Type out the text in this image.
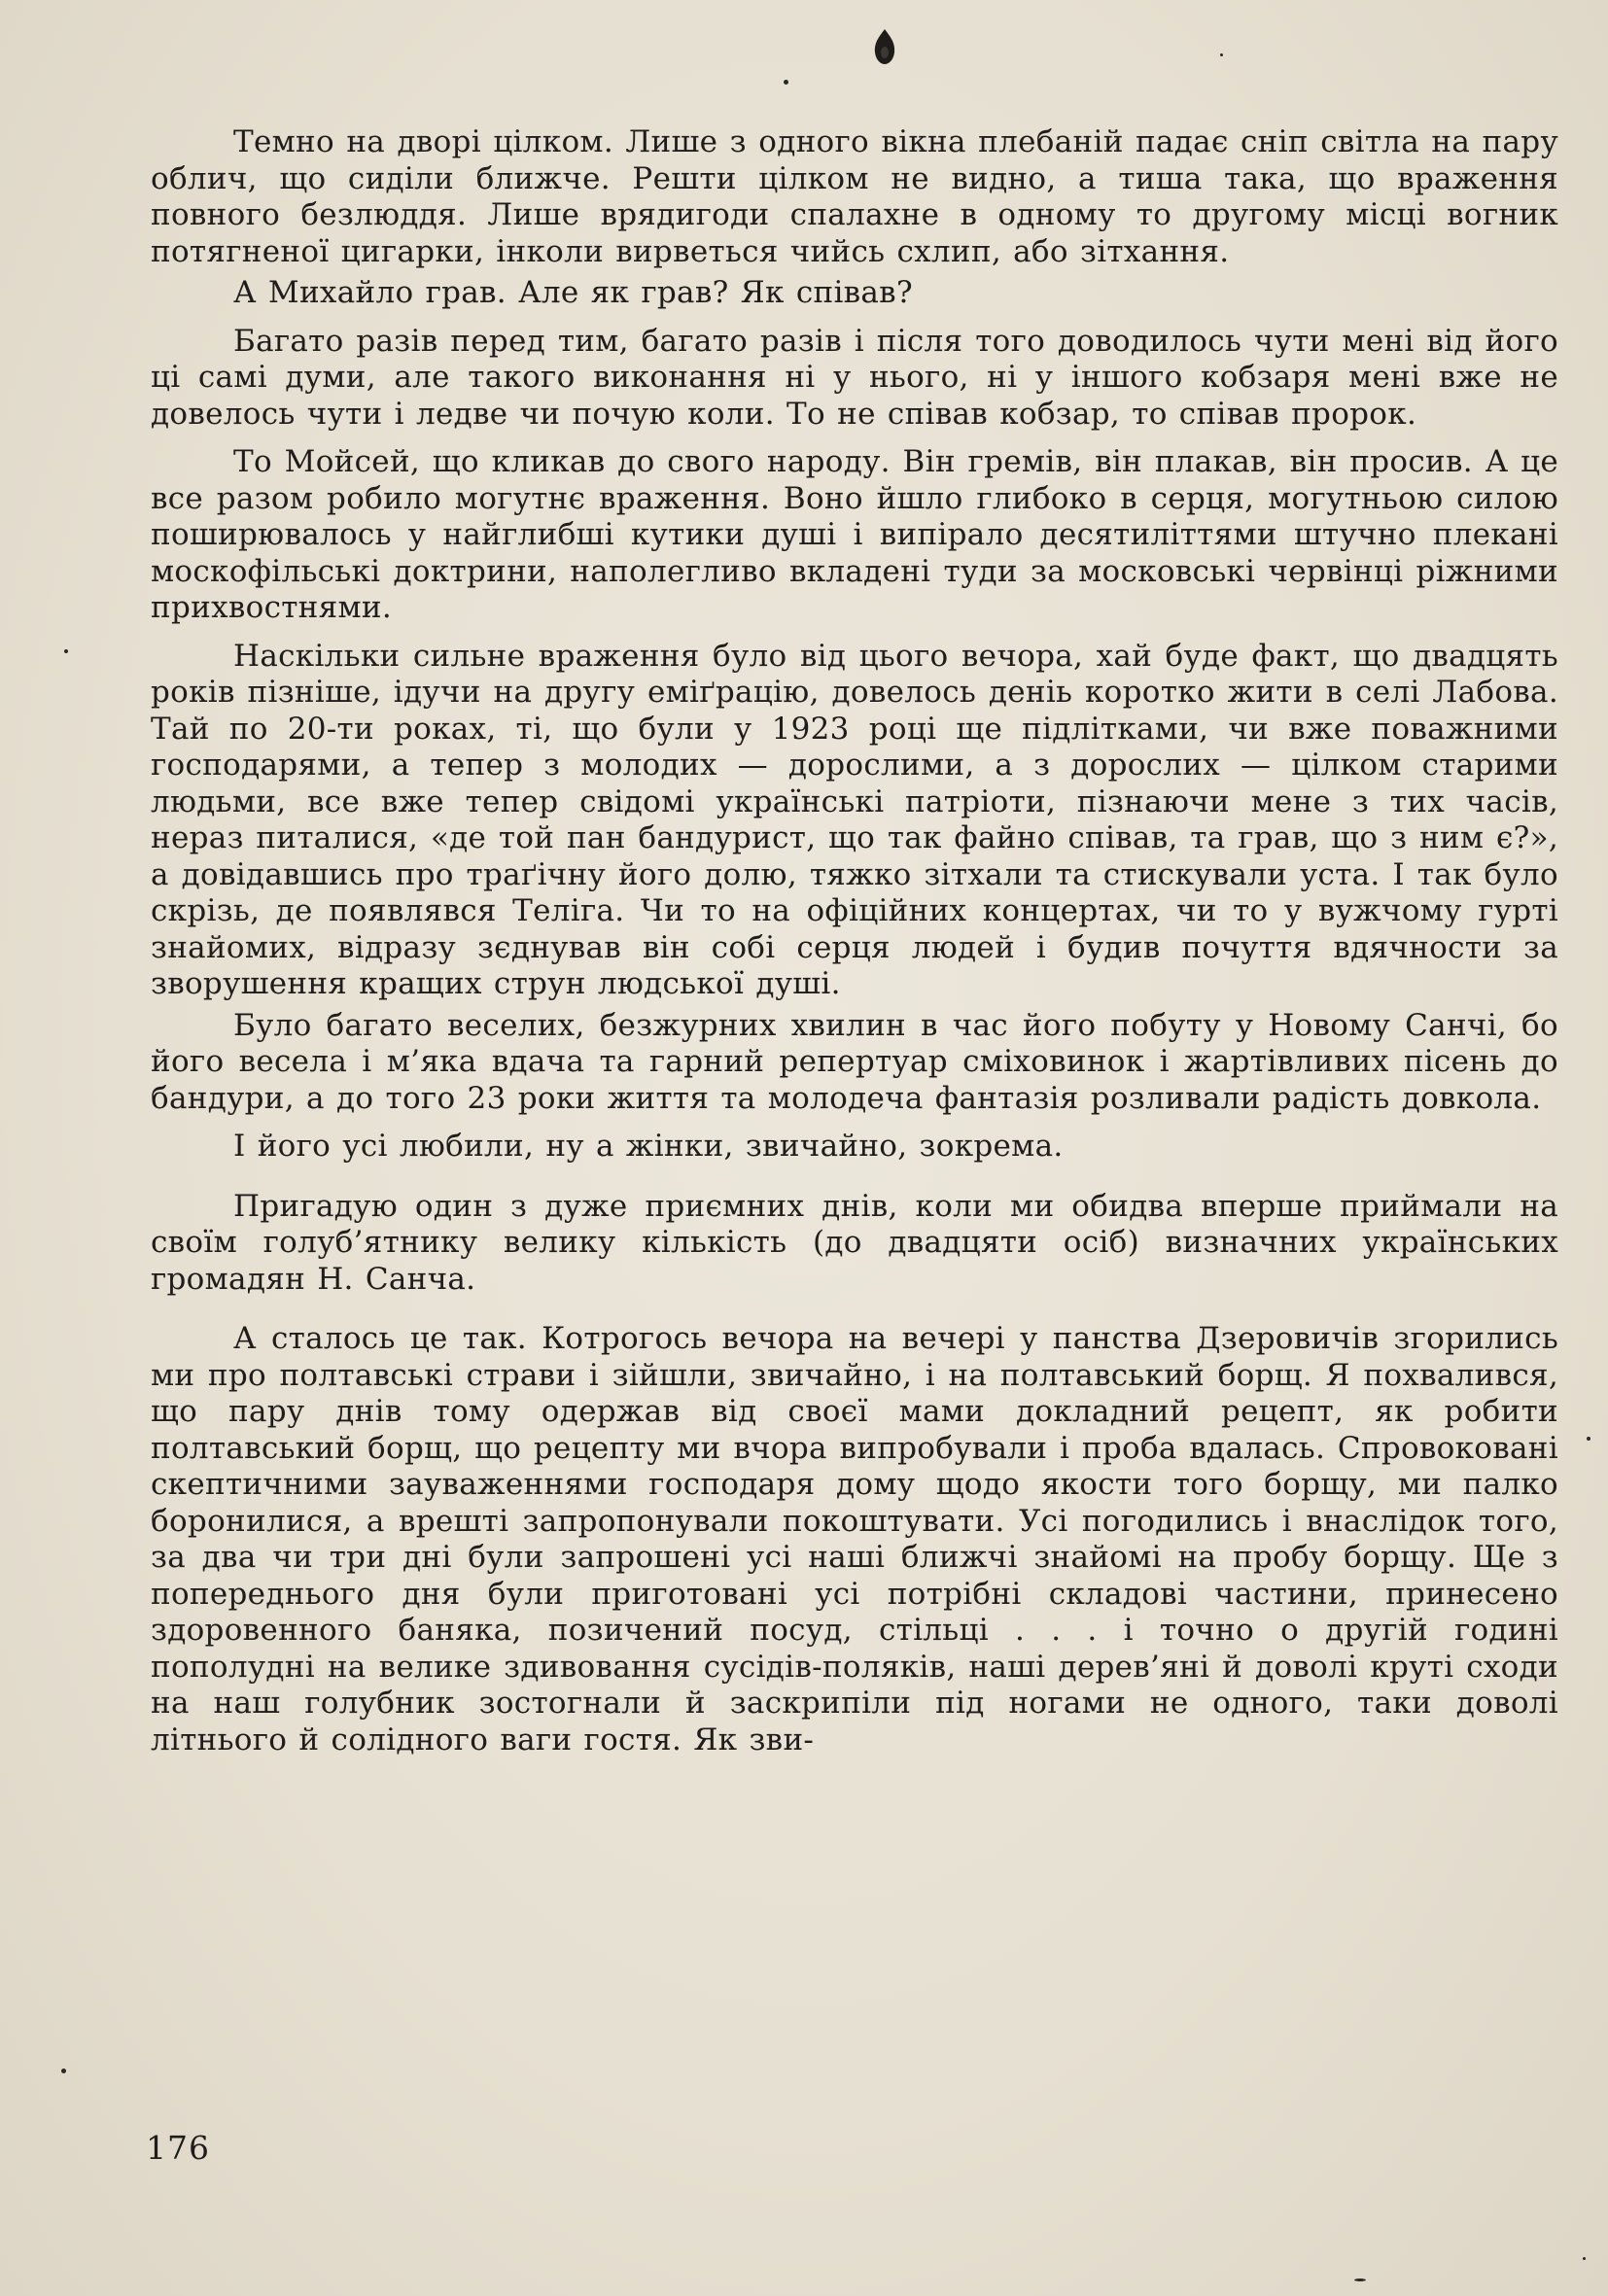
Темно на дворі цілком. Лише з одного вікна плебаній падає сніп світла на пару облич, що сиділи ближче. Решти цілком не видно, а тиша така, що враження повного безлюддя. Лише врядигоди спалахне в одному то другому місці вогник потягненої цигарки, інколи вирветься чийсь схлип, або зітхання.

А Михайло грав. Але як грав? Як співав?

Багато разів перед тим, багато разів і після того доводилось чути мені від його ці самі думи, але такого виконання ні у нього, ні у іншого кобзаря мені вже не довелось чути і ледве чи почую коли. То не співав кобзар, то співав пророк.

То Мойсей, що кликав до свого народу. Він гремів, він плакав, він просив. А це все разом робило могутнє враження. Воно йшло глибоко в серця, могутньою силою поширювалось у найглибші кутики душі і випірало десятиліттями штучно плекані москофільські доктрини, наполегливо вкладені туди за московські червінці ріжними прихвостнями.

Наскільки сильне враження було від цього вечора, хай буде факт, що двадцять років пізніше, ідучи на другу еміґрацію, довелось деніь коротко жити в селі Лабова. Тай по 20-ти роках, ті, що були у 1923 році ще підлітками, чи вже поважними господарями, а тепер з молодих — дорослими, а з дорослих — цілком старими людьми, все вже тепер свідомі українські патріоти, пізнаючи мене з тих часів, нераз питалися, «де той пан бандурист, що так файно співав, та грав, що з ним є?», а довідавшись про траґічну його долю, тяжко зітхали та стискували уста. І так було скрізь, де появлявся Теліга. Чи то на офіційних концертах, чи то у вужчому гурті знайомих, відразу зєднував він собі серця людей і будив почуття вдячности за зворушення кращих струн людської душі.

Було багато веселих, безжурних хвилин в час його побуту у Новому Санчі, бо його весела і м’яка вдача та гарний репертуар сміховинок і жартівливих пісень до бандури, а до того 23 роки життя та молодеча фантазія розливали радість довкола.

І його усі любили, ну а жінки, звичайно, зокрема.

Пригадую один з дуже приємних днів, коли ми обидва вперше приймали на своїм голуб’ятнику велику кількість (до двадцяти осіб) визначних українських громадян Н. Санча.

А сталось це так. Котрогось вечора на вечері у панства Дзеровичів згорились ми про полтавські страви і зійшли, звичайно, і на полтавський борщ. Я похвалився, що пару днів тому одержав від своєї мами докладний рецепт, як робити полтавський борщ, що рецепту ми вчора випробували і проба вдалась. Спровоковані скептичними зауваженнями господаря дому щодо якости того борщу, ми палко боронилися, а врешті запропонували покоштувати. Усі погодились і внаслідок того, за два чи три дні були запрошені усі наші ближчі знайомі на пробу борщу. Ще з попереднього дня були приготовані усі потрібні складові частини, принесено здоровенного баняка, позичений посуд, стільці . . . і точно о другій годині пополудні на велике здивовання сусідів-поляків, наші дерев’яні й доволі круті сходи на наш голубник зостогнали й заскрипіли під ногами не одного, таки доволі літнього й солідного ваги гостя. Як зви-

176
